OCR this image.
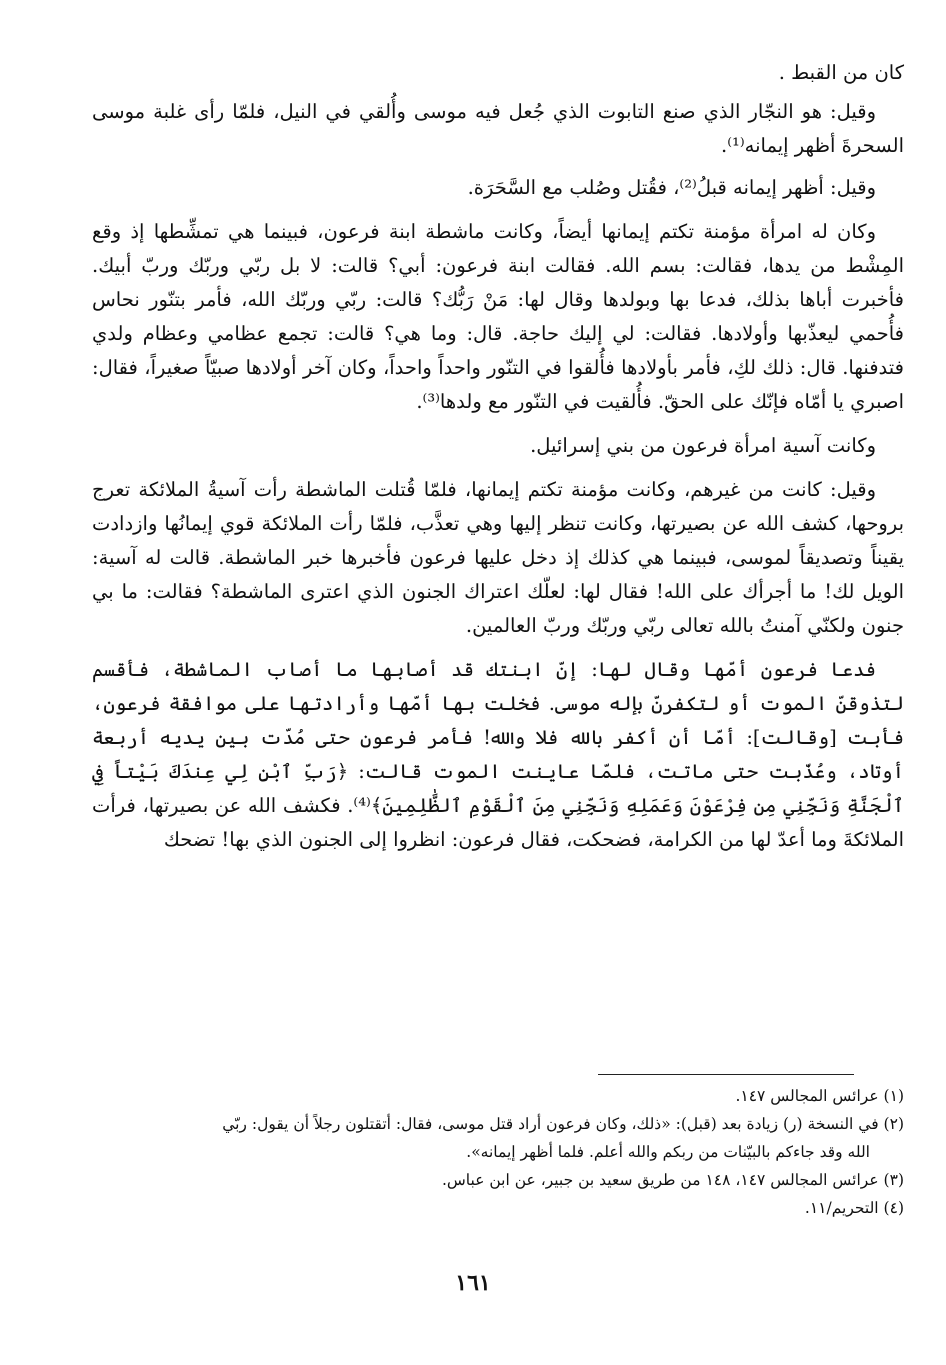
كان من القبط .

وقيل: هو النجّار الذي صنع التابوت الذي جُعل فيه موسى وأُلقي في النيل، فلمّا رأى غلبة موسى السحرةَ أظهر إيمانه⁽¹⁾.

وقيل: أظهر إيمانه قبلُ⁽²⁾، فقُتل وصُلب مع السَّحَرَة.

وكان له امرأة مؤمنة تكتم إيمانها أيضاً، وكانت ماشطة ابنة فرعون، فبينما هي تمشِّطها إذ وقع المِشْط من يدها، فقالت: بسم الله. فقالت ابنة فرعون: أبي؟ قالت: لا بل ربّي وربّك وربّ أبيك. فأخبرت أباها بذلك، فدعا بها وبولدها وقال لها: مَنْ رَبُّك؟ قالت: ربّي وربّك الله، فأمر بتنّور نحاس فأُحمي ليعذّبها وأولادها. فقالت: لي إليك حاجة. قال: وما هي؟ قالت: تجمع عظامي وعظام ولدي فتدفنها. قال: ذلك لكِ، فأمر بأولادها فأُلقوا في التنّور واحداً واحداً، وكان آخر أولادها صبيّاً صغيراً، فقال: اصبري يا أمّاه فإنّك على الحقّ. فأُلقيت في التنّور مع ولدها⁽³⁾.

وكانت آسية امرأة فرعون من بني إسرائيل.

وقيل: كانت من غيرهم، وكانت مؤمنة تكتم إيمانها، فلمّا قُتلت الماشطة رأت آسيةُ الملائكة تعرج بروحها، كشف الله عن بصيرتها، وكانت تنظر إليها وهي تعذَّب، فلمّا رأت الملائكة قوي إيمانُها وازدادت يقيناً وتصديقاً لموسى، فبينما هي كذلك إذ دخل عليها فرعون فأخبرها خبر الماشطة. قالت له آسية: الويل لك! ما أجرأك على الله! فقال لها: لعلّك اعتراك الجنون الذي اعترى الماشطة؟ فقالت: ما بي جنون ولكنّي آمنتُ بالله تعالى ربّي وربّك وربّ العالمين.

فدعا فرعون أمّها وقال لها: إنّ ابنتك قد أصابها ما أصاب الماشطة، فأقسم لتذوقنّ الموت أو لتكفرنّ بإله موسى. فخلت بها أمّها وأرادتها على موافقة فرعون، فأبت [وقالت]: أمّا أن أكفر بالله فلا والله! فأمر فرعون حتى مُدّت بين يديه أربعة أوتاد، وعُذّبت حتى ماتت، فلمّا عاينت الموت قالت: ﴿رَبِّ ٱبْنِ لِي عِندَكَ بَيْتاً فِي ٱلْجَنَّةِ وَنَجِّنِي مِن فِرْعَوْنَ وَعَمَلِهِ وَنَجِّنِي مِنَ ٱلْقَوْمِ ٱلظَّٰلِمِينَ﴾⁽⁴⁾. فكشف الله عن بصيرتها، فرأت الملائكةَ وما أعدّ لها من الكرامة، فضحكت، فقال فرعون: انظروا إلى الجنون الذي بها! تضحك

(١) عرائس المجالس ١٤٧.

(٢) في النسخة (ر) زيادة بعد (قبل): «ذلك، وكان فرعون أراد قتل موسى، فقال: أتقتلون رجلاً أن يقول: ربّي

الله وقد جاءكم بالبيّنات من ربكم والله أعلم. فلما أظهر إيمانه».

(٣) عرائس المجالس ١٤٧، ١٤٨ من طريق سعيد بن جبير، عن ابن عباس.

(٤) التحريم/١١.

١٦١
